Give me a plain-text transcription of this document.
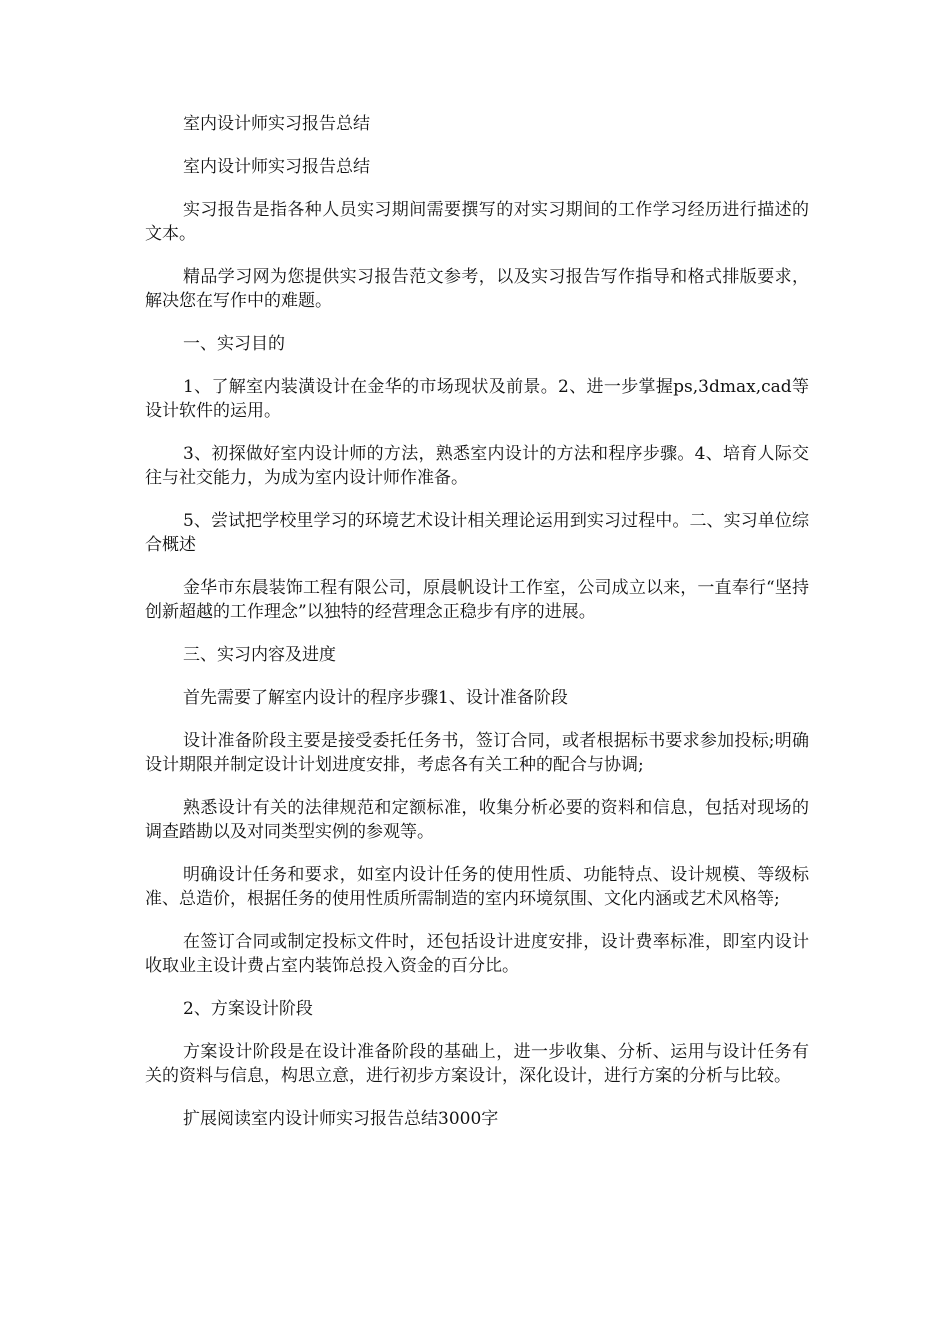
室内设计师实习报告总结

室内设计师实习报告总结

实习报告是指各种人员实习期间需要撰写的对实习期间的工作学习经历进行描述的文本。

精品学习网为您提供实习报告范文参考，以及实习报告写作指导和格式排版要求，解决您在写作中的难题。

一、实习目的

1、了解室内装潢设计在金华的市场现状及前景。2、进一步掌握ps,3dmax,cad等设计软件的运用。

3、初探做好室内设计师的方法，熟悉室内设计的方法和程序步骤。4、培育人际交往与社交能力，为成为室内设计师作准备。

5、尝试把学校里学习的环境艺术设计相关理论运用到实习过程中。二、实习单位综合概述

金华市东晨装饰工程有限公司，原晨帆设计工作室，公司成立以来，一直奉行“坚持创新超越的工作理念”以独特的经营理念正稳步有序的进展。

三、实习内容及进度

首先需要了解室内设计的程序步骤1、设计准备阶段

设计准备阶段主要是接受委托任务书，签订合同，或者根据标书要求参加投标;明确设计期限并制定设计计划进度安排，考虑各有关工种的配合与协调;

熟悉设计有关的法律规范和定额标准，收集分析必要的资料和信息，包括对现场的调查踏勘以及对同类型实例的参观等。

明确设计任务和要求，如室内设计任务的使用性质、功能特点、设计规模、等级标准、总造价，根据任务的使用性质所需制造的室内环境氛围、文化内涵或艺术风格等;

在签订合同或制定投标文件时，还包括设计进度安排，设计费率标准，即室内设计收取业主设计费占室内装饰总投入资金的百分比。

2、方案设计阶段

方案设计阶段是在设计准备阶段的基础上，进一步收集、分析、运用与设计任务有关的资料与信息，构思立意，进行初步方案设计，深化设计，进行方案的分析与比较。

扩展阅读室内设计师实习报告总结3000字
